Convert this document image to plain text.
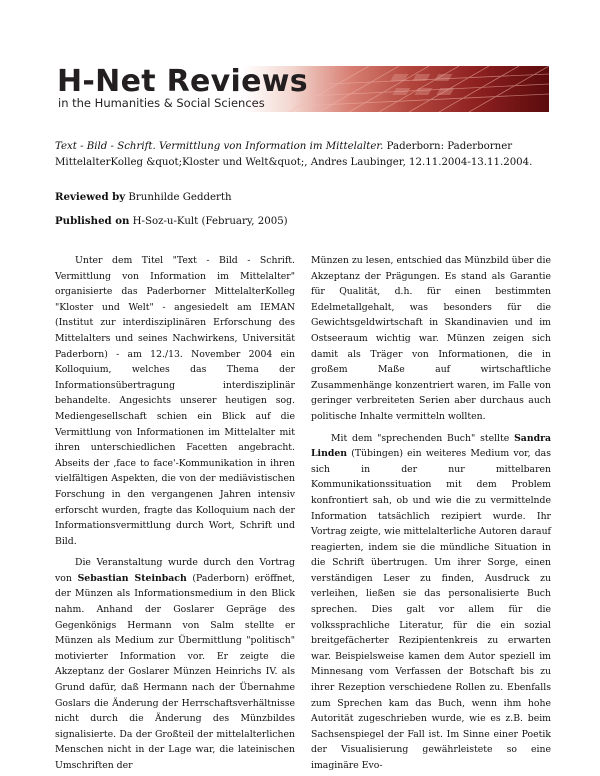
H-Net Reviews
in the Humanities & Social Sciences
Text - Bild - Schrift. Vermittlung von Information im Mittelalter. Paderborn: Paderborner MittelalterKolleg &quot;Kloster und Welt&quot;, Andres Laubinger, 12.11.2004-13.11.2004.
Reviewed by Brunhilde Gedderth
Published on H-Soz-u-Kult (February, 2005)

Unter dem Titel "Text - Bild - Schrift. Vermittlung von Information im Mittelalter" organisierte das Paderborner MittelalterKolleg "Kloster und Welt" - angesiedelt am IEMAN (Institut zur interdisziplinären Erforschung des Mittelalters und seines Nachwirkens, Universität Paderborn) - am 12./13. November 2004 ein Kolloquium, welches das Thema der Informationsübertragung interdisziplinär behandelte. Angesichts unserer heutigen sog. Mediengesellschaft schien ein Blick auf die Vermittlung von Informationen im Mittelalter mit ihren unterschiedlichen Facetten angebracht. Abseits der ‚face to face'-Kommunikation in ihren vielfältigen Aspekten, die von der mediävistischen Forschung in den vergangenen Jahren intensiv erforscht wurden, fragte das Kolloquium nach der Informationsvermittlung durch Wort, Schrift und Bild.

Die Veranstaltung wurde durch den Vortrag von Sebastian Steinbach (Paderborn) eröffnet, der Münzen als Informationsmedium in den Blick nahm. Anhand der Goslarer Gepräge des Gegenkönigs Hermann von Salm stellte er Münzen als Medium zur Übermittlung "politisch" motivierter Information vor. Er zeigte die Akzeptanz der Goslarer Münzen Heinrichs IV. als Grund dafür, daß Hermann nach der Übernahme Goslars die Änderung der Herrschaftsverhältnisse nicht durch die Änderung des Münzbildes signalisierte. Da der Großteil der mittelalterlichen Menschen nicht in der Lage war, die lateinischen Umschriften der

Münzen zu lesen, entschied das Münzbild über die Akzeptanz der Prägungen. Es stand als Garantie für Qualität, d.h. für einen bestimmten Edelmetallgehalt, was besonders für die Gewichtsgeldwirtschaft in Skandinavien und im Ostseeraum wichtig war. Münzen zeigen sich damit als Träger von Informationen, die in großem Maße auf wirtschaftliche Zusammenhänge konzentriert waren, im Falle von geringer verbreiteten Serien aber durchaus auch politische Inhalte vermitteln wollten.

Mit dem "sprechenden Buch" stellte Sandra Linden (Tübingen) ein weiteres Medium vor, das sich in der nur mittelbaren Kommunikationssituation mit dem Problem konfrontiert sah, ob und wie die zu vermittelnde Information tatsächlich rezipiert wurde. Ihr Vortrag zeigte, wie mittelalterliche Autoren darauf reagierten, indem sie die mündliche Situation in die Schrift übertrugen. Um ihrer Sorge, einen verständigen Leser zu finden, Ausdruck zu verleihen, ließen sie das personalisierte Buch sprechen. Dies galt vor allem für die volkssprachliche Literatur, für die ein sozial breitgefächerter Rezipientenkreis zu erwarten war. Beispielsweise kamen dem Autor speziell im Minnesang vom Verfassen der Botschaft bis zu ihrer Rezeption verschiedene Rollen zu. Ebenfalls zum Sprechen kam das Buch, wenn ihm hohe Autorität zugeschrieben wurde, wie es z.B. beim Sachsenspiegel der Fall ist. Im Sinne einer Poetik der Visualisierung gewährleistete so eine imaginäre Evo-
